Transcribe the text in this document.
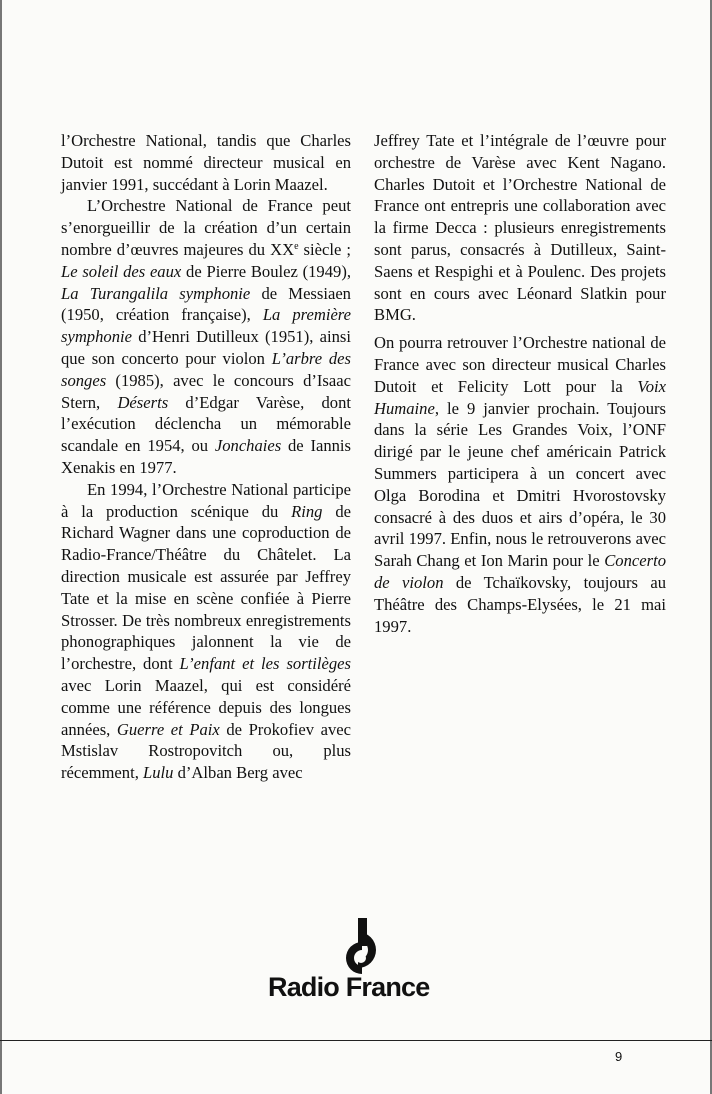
l’Orchestre National, tandis que Charles Dutoit est nommé directeur musical en janvier 1991, succédant à Lorin Maazel.

L’Orchestre National de France peut s’enorgueillir de la création d’un certain nombre d’œuvres majeures du XXe siècle ; Le soleil des eaux de Pierre Boulez (1949), La Turangalila symphonie de Messiaen (1950, création française), La première symphonie d’Henri Dutilleux (1951), ainsi que son concerto pour violon L’arbre des songes (1985), avec le concours d’Isaac Stern, Déserts d’Edgar Varèse, dont l’exécution déclencha un mémorable scandale en 1954, ou Jonchaies de Iannis Xenakis en 1977.

En 1994, l’Orchestre National participe à la production scénique du Ring de Richard Wagner dans une coproduction de Radio-France/Théâtre du Châtelet. La direction musicale est assurée par Jeffrey Tate et la mise en scène confiée à Pierre Strosser. De très nombreux enregistrements phonographiques jalonnent la vie de l’orchestre, dont L’enfant et les sortilèges avec Lorin Maazel, qui est considéré comme une référence depuis des longues années, Guerre et Paix de Prokofiev avec Mstislav Rostropovitch ou, plus récemment, Lulu d’Alban Berg avec

Jeffrey Tate et l’intégrale de l’œuvre pour orchestre de Varèse avec Kent Nagano. Charles Dutoit et l’Orchestre National de France ont entrepris une collaboration avec la firme Decca : plusieurs enregistrements sont parus, consacrés à Dutilleux, Saint-Saens et Respighi et à Poulenc. Des projets sont en cours avec Léonard Slatkin pour BMG.

On pourra retrouver l’Orchestre national de France avec son directeur musical Charles Dutoit et Felicity Lott pour la Voix Humaine, le 9 janvier prochain. Toujours dans la série Les Grandes Voix, l’ONF dirigé par le jeune chef américain Patrick Summers participera à un concert avec Olga Borodina et Dmitri Hvorostovsky consacré à des duos et airs d’opéra, le 30 avril 1997. Enfin, nous le retrouverons avec Sarah Chang et Ion Marin pour le Concerto de violon de Tchaïkovsky, toujours au Théâtre des Champs-Elysées, le 21 mai 1997.

Radio France
9
